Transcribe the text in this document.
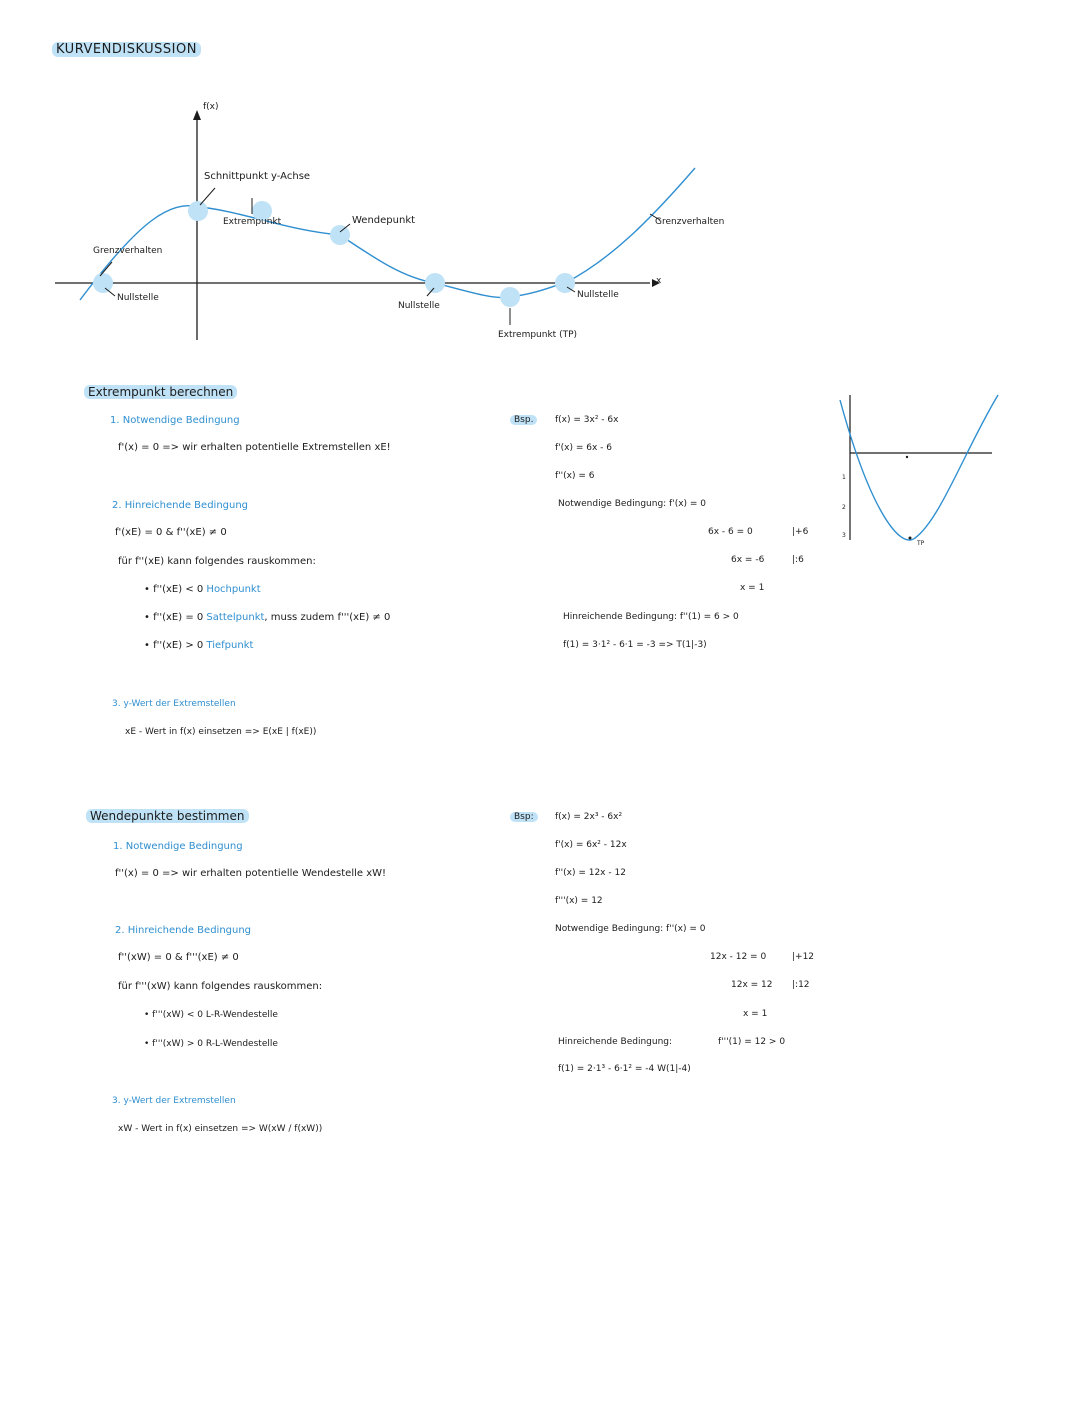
KURVENDISKUSSION
f(x)
x
Schnittpunkt y-Achse
Extrempunkt	Wendepunkt
Grenzverhalten
Grenzverhalten
Nullstelle
Nullstelle
Nullstelle
Extrempunkt (TP)
Extrempunkt berechnen
1. Notwendige Bedingung
f'(x) = 0 => wir erhalten potentielle Extremstellen xE!
2. Hinreichende Bedingung
f'(xE) = 0 & f''(xE) ≠ 0
für f''(xE) kann folgendes rauskommen:
• f''(xE) < 0 Hochpunkt
• f''(xE) = 0 Sattelpunkt, muss zudem f'''(xE) ≠ 0
• f''(xE) > 0 Tiefpunkt
3. y-Wert der Extremstellen
xE - Wert in f(x) einsetzen => E(xE | f(xE))
Bsp.	f(x) = 3x² - 6x
f'(x) = 6x - 6
f''(x) = 6
Notwendige Bedingung: f'(x) = 0
6x - 6 = 0	|+6
6x = -6	|:6
x = 1
Hinreichende Bedingung: f''(1) = 6 > 0
f(1) = 3·1² - 6·1 = -3 => T(1|-3)
1
2
3
TP
Wendepunkte bestimmen
1. Notwendige Bedingung
f''(x) = 0 => wir erhalten potentielle Wendestelle xW!
2. Hinreichende Bedingung
f''(xW) = 0 & f'''(xE) ≠ 0
für f'''(xW) kann folgendes rauskommen:
• f'''(xW) < 0 L-R-Wendestelle
• f'''(xW) > 0 R-L-Wendestelle
3. y-Wert der Extremstellen
xW - Wert in f(x) einsetzen => W(xW / f(xW))
Bsp:	f(x) = 2x³ - 6x²
f'(x) = 6x² - 12x
f''(x) = 12x - 12
f'''(x) = 12
Notwendige Bedingung: f''(x) = 0
12x - 12 = 0	|+12
12x = 12 |:12
x = 1
Hinreichende Bedingung:	f'''(1) = 12 > 0
f(1) = 2·1³ - 6·1² = -4 W(1|-4)
